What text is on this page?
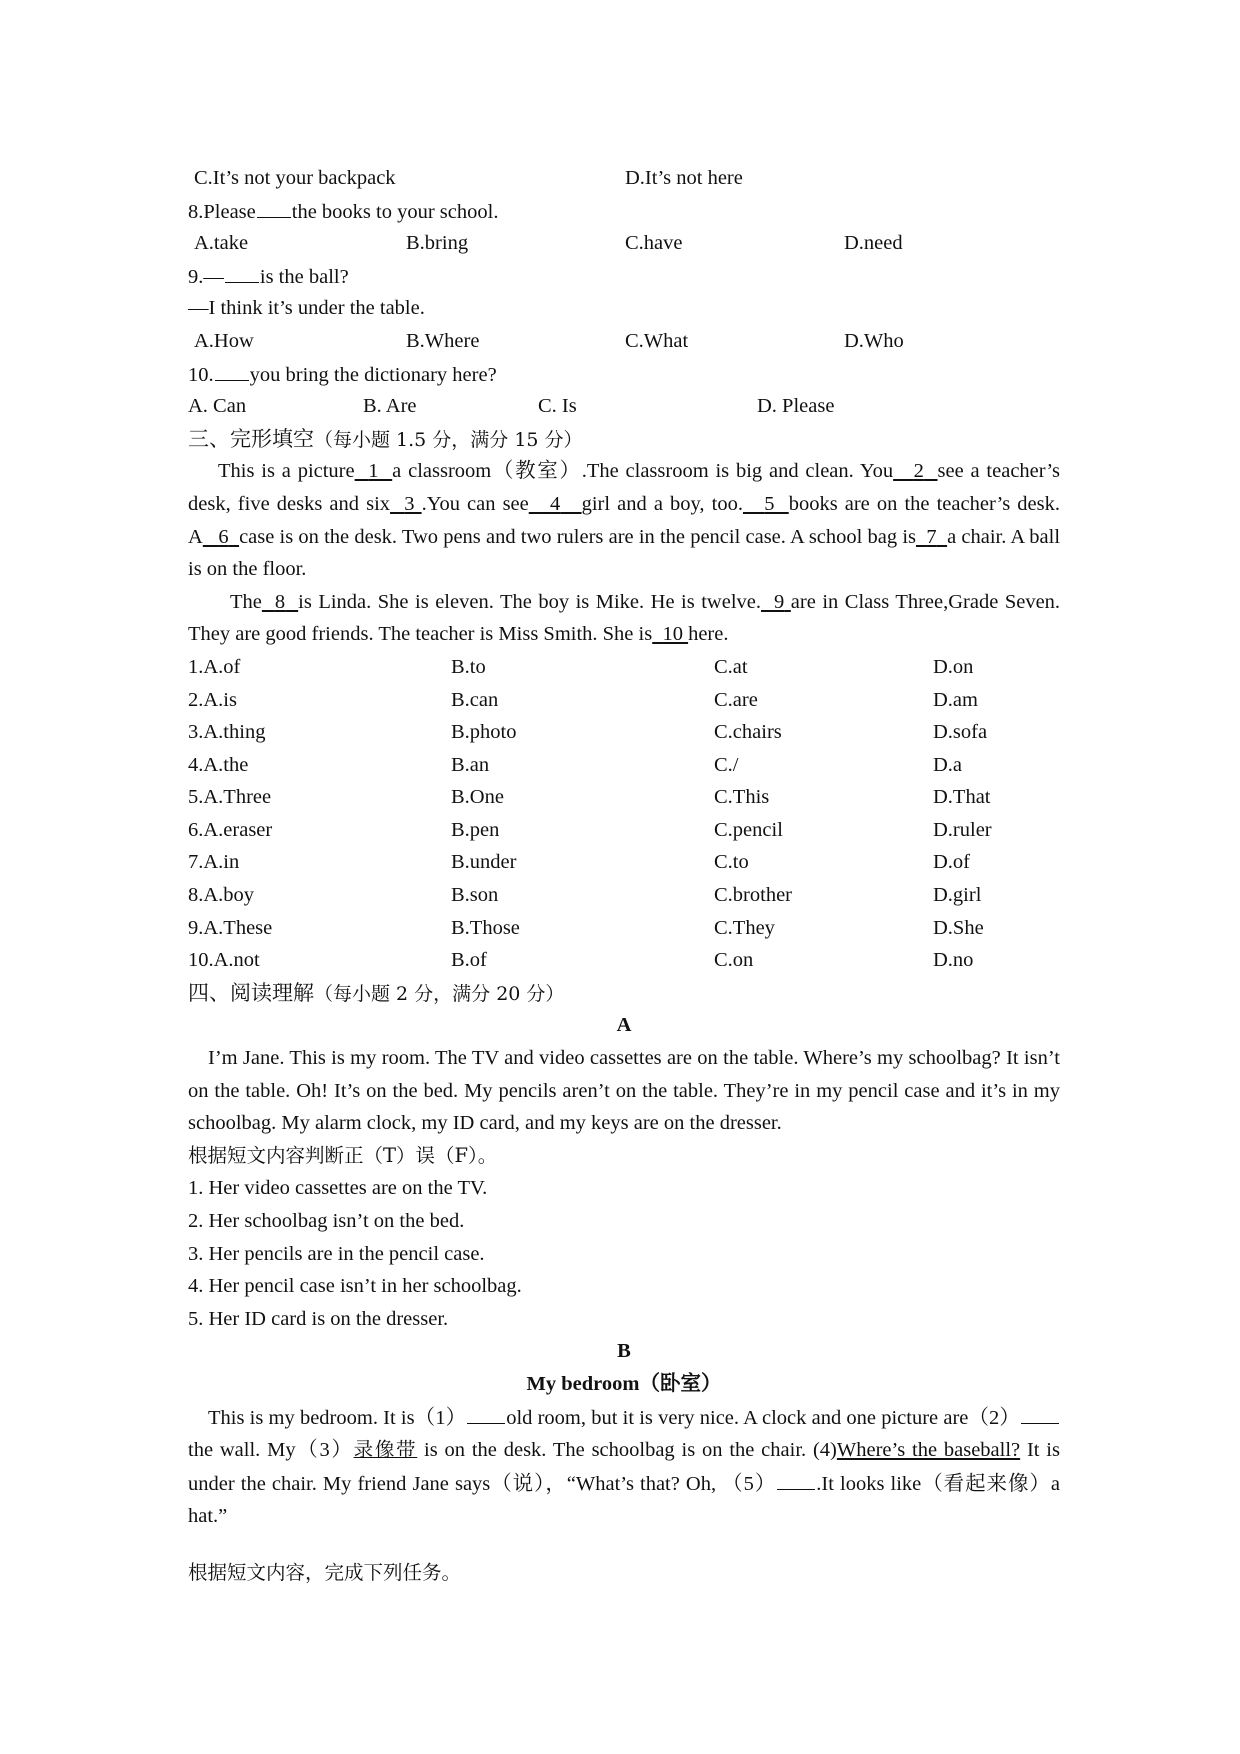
C.It’s not your backpack	D.It’s not here
8.Please the books to your school.
A.take	B.bring	C.have	D.need
9.— is the ball?
—I think it’s under the table.
A.How	B.Where	C.What	D.Who
10. you bring the dictionary here?
A. Can	B. Are	C. Is	D. Please
三、完形填空（每小题 1.5 分，满分 15 分）
This is a picture 1 a classroom（教室）.The classroom is big and clean. You 2 see a teacher’s desk, five desks and six 3 .You can see 4 girl and a boy, too. 5 books are on the teacher’s desk. A 6 case is on the desk. Two pens and two rulers are in the pencil case. A school bag is 7 a chair. A ball is on the floor.
The 8 is Linda. She is eleven. The boy is Mike. He is twelve. 9 are in Class Three,Grade Seven. They are good friends. The teacher is Miss Smith. She is 10 here.
1.A.of	B.to	C.at	D.on
2.A.is	B.can	C.are	D.am
3.A.thing	B.photo	C.chairs	D.sofa
4.A.the	B.an	C./	D.a
5.A.Three	B.One	C.This	D.That
6.A.eraser	B.pen	C.pencil	D.ruler
7.A.in	B.under	C.to	D.of
8.A.boy	B.son	C.brother	D.girl
9.A.These	B.Those	C.They	D.She
10.A.not	B.of	C.on	D.no
四、阅读理解（每小题 2 分，满分 20 分）
A
I’m Jane. This is my room. The TV and video cassettes are on the table. Where’s my schoolbag? It isn’t on the table. Oh! It’s on the bed. My pencils aren’t on the table. They’re in my pencil case and it’s in my schoolbag. My alarm clock, my ID card, and my keys are on the dresser.
根据短文内容判断正（T）误（F）。
1. Her video cassettes are on the TV.
2. Her schoolbag isn’t on the bed.
3. Her pencils are in the pencil case.
4. Her pencil case isn’t in her schoolbag.
5. Her ID card is on the dresser.
B
My bedroom（卧室）
This is my bedroom. It is（1） old room, but it is very nice. A clock and one picture are（2）the wall. My（3）录像带 is on the desk. The schoolbag is on the chair. (4)Where’s the baseball? It is under the chair. My friend Jane says（说），“What’s that? Oh, （5） .It looks like（看起来像）a hat.”
根据短文内容，完成下列任务。
